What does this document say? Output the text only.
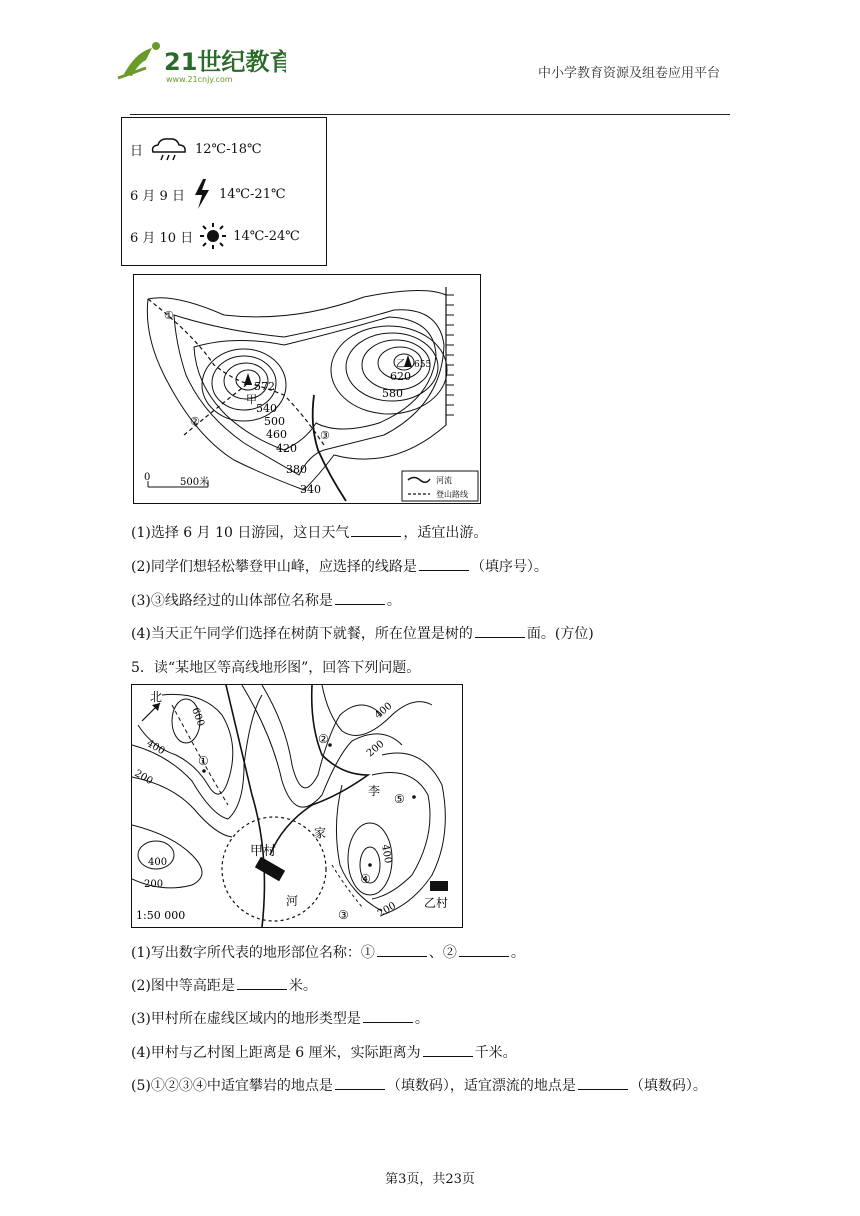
21世纪教育
www.21cnjy.com	中小学教育资源及组卷应用平台
日	12℃-18℃
6 月 9 日	14℃-21℃
6 月 10 日	14℃-24℃
572
甲
乙 655
620
580
540
500
460
420
380
340
①
②
③
0	500米	河流
登山路线
(1)选择 6 月 10 日游园，这日天气	，适宜出游。
(2)同学们想轻松攀登甲山峰，应选择的线路是	（填序号）。
(3)③线路经过的山体部位名称是	。
(4)当天正午同学们选择在树荫下就餐，所在位置是树的	面。(方位)
5．读“某地区等高线地形图”，回答下列问题。
北
600
400
200
400
200
400
200
400
200
②
①
③
④
⑤
李
家
河
甲村
乙村
1:50 000
(1)写出数字所代表的地形部位名称：①	、②	。
(2)图中等高距是	米。
(3)甲村所在虚线区域内的地形类型是	。
(4)甲村与乙村图上距离是 6 厘米，实际距离为	千米。
(5)①②③④中适宜攀岩的地点是	（填数码），适宜漂流的地点是	（填数码）。
第3页，共23页
